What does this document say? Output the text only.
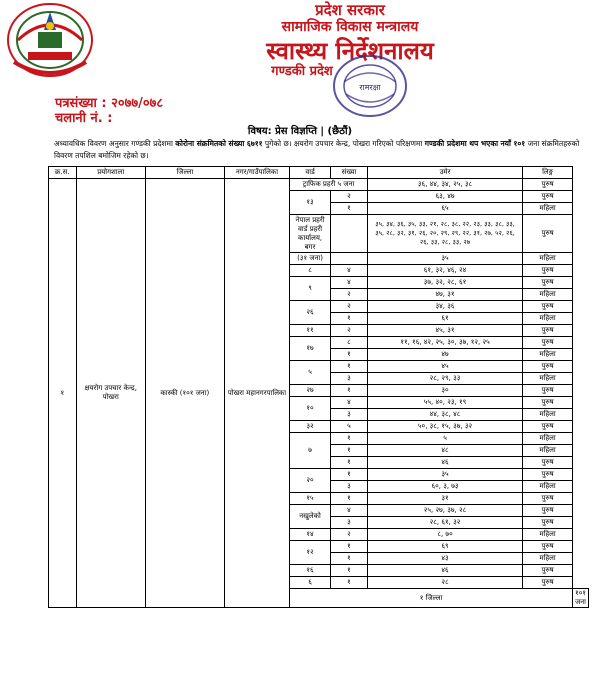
प्रदेश सरकार
सामाजिक विकास मन्त्रालय
स्वास्थ्य निर्देशनालय
गण्डकी प्रदेश
रामरक्षा
पत्रसंख्या : २०७७/०७८
चलानी नं. :
विषय: प्रेस विज्ञप्ति | (छैठौं)
अध्यावधिक विवरण अनुसार गण्डकी प्रदेशमा कोरोना संक्रमितको संख्या ६७११ पुगेको छ। क्षयरोग उपचार केन्द्र, पोखरा गरिएको परिक्षणमा गण्डकी प्रदेशमा थप भएका नयाँ १०१ जना संक्रमितहरुको विवरण तपशिल बमोजिम रहेको छ।
क्र.स.	प्रयोगशाला	जिल्ला	नगर/गाउँपालिका	वार्ड	संख्या	उमेर	लिङ्ग	
१	क्षयरोग उपचार केन्द्र, पोखरा	कास्की (१०१ जना)	पोखरा महानगरपालिका	ट्राफिक प्रहरी ५ जना		३६, ४४, ३४, २५, ३८	पुरुष	
				१३	२	६३, ४७	पुरुष	
					१	६५	महिला	
				नेपाल प्रहरी वार्ड प्रहरी कार्यालय, बगर		३५, ३४, ३६, ३५, ३३, २१, २८, ३८, २२, २३, ३३, ३८, ३३, ३५, २८, ३२, ३१, २६, २०, २९, २९, २२, ३१, २७, ५२, २६, २६, ३३, २८, ३३, २७	पुरुष	
				(३१ जना)		३५	महिला	
				८	४	६१, ३२, ४६, २४	पुरुष	
				९	४	३७, ३२, २८, ६१	पुरुष	
					२	४७, ३१	महिला	
				२६	२	३४, ३६	पुरुष	
					१	६१	महिला	
				११	२	४५, ३१	पुरुष	
				१७	८	११, १६, ४२, २५, ३०, ३७, १२, २५	पुरुष	
					१	४७	महिला	
				५	१	४५	पुरुष	
					३	२८, २९, ३३	महिला	
				२७	१	३०	पुरुष	
				१०	४	५५, ४०, २३, १९	पुरुष	
					३	४४, ३८, ४८	महिला	
				३२	५	५०, ३८, १५, ३७, ३२	पुरुष	
				७	१	५	महिला	
					१	४८	महिला	
					१	४६	पुरुष	
				२०	१	३५	पुरुष	
					३	६०, ३, ७३	महिला	
				१५	१	३१	पुरुष	
				नखुलेको	४	२५, २७, ३७, २८	पुरुष	
					३	२८, ६१, ३२	पुरुष	
				१४	२	८, ७०	महिला	
				१२	१	६९	पुरुष	
					१	४३	महिला	
				१६	१	४६	पुरुष	
				६	१	२८	पुरुष	
				१ जिल्ला				१०१ जना
